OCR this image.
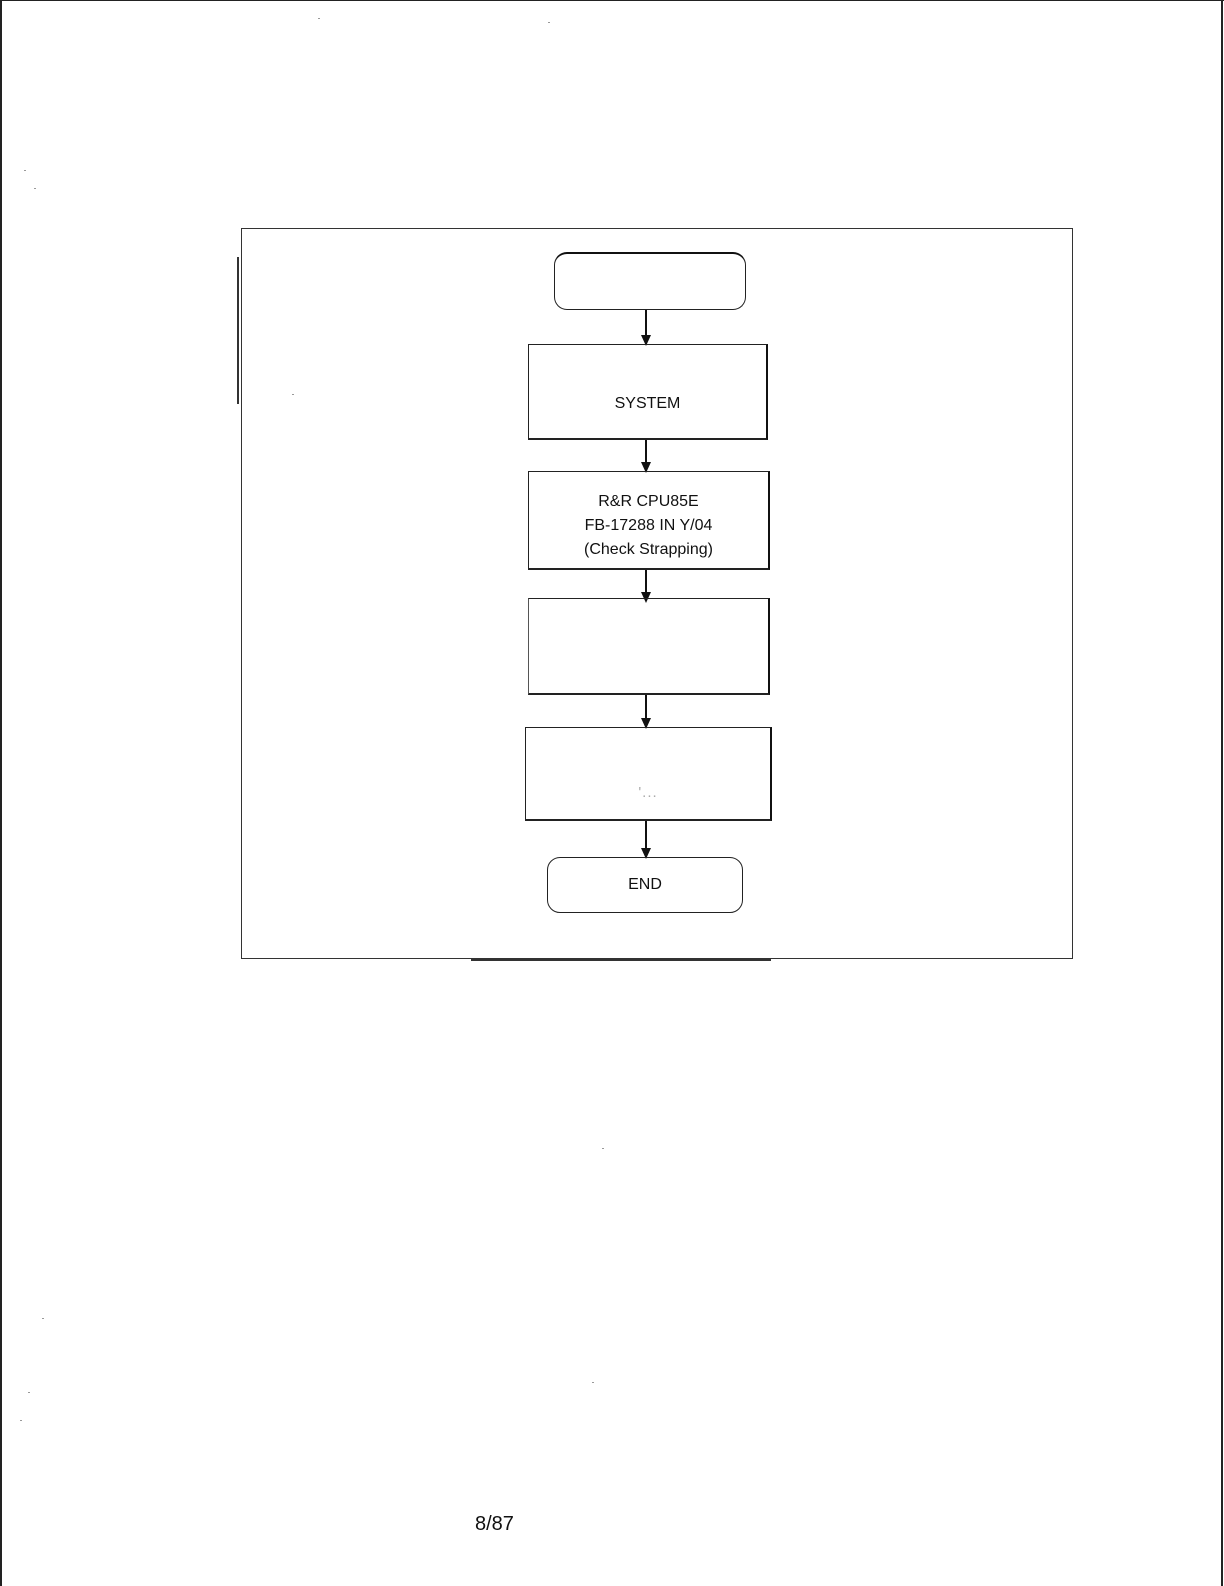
SYSTEM
R&R CPU85E
FB-17288 IN Y/04
(Check Strapping)
'...
END
8/87
